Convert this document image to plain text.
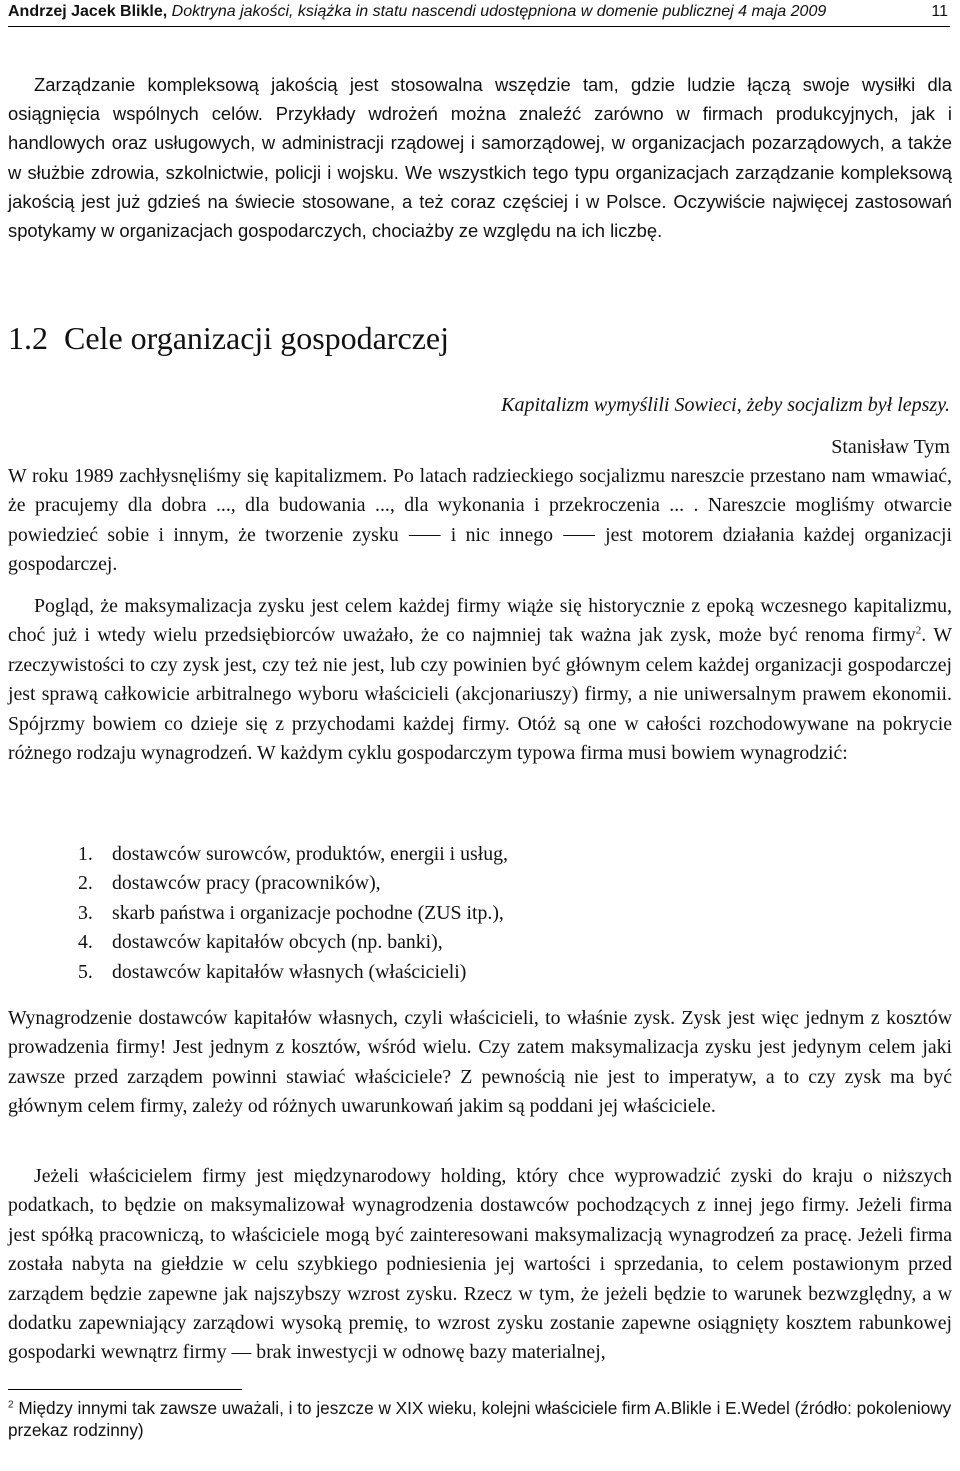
Andrzej Jacek Blikle, Doktryna jakości, książka in statu nascendi udostępniona w domenie publicznej 4 maja 2009	11

Zarządzanie kompleksową jakością jest stosowalna wszędzie tam, gdzie ludzie łączą swoje wysiłki dla osiągnięcia wspólnych celów. Przykłady wdrożeń można znaleźć zarówno w firmach produkcyjnych, jak i handlowych oraz usługowych, w administracji rządowej i samorządowej, w organizacjach pozarządowych, a także w służbie zdrowia, szkolnictwie, policji i wojsku. We wszystkich tego typu organizacjach zarządzanie kompleksową jakością jest już gdzieś na świecie stosowane, a też coraz częściej i w Polsce. Oczywiście najwięcej zastosowań spotykamy w organizacjach gospodarczych, chociażby ze względu na ich liczbę.

1.2 Cele organizacji gospodarczej
Kapitalizm wymyślili Sowieci, żeby socjalizm był lepszy.
Stanisław Tym

W roku 1989 zachłysnęliśmy się kapitalizmem. Po latach radzieckiego socjalizmu nareszcie przestano nam wmawiać, że pracujemy dla dobra ..., dla budowania ..., dla wykonania i przekroczenia ... . Nareszcie mogliśmy otwarcie powiedzieć sobie i innym, że tworzenie zysku ⸺ i nic innego ⸺ jest motorem działania każdej organizacji gospodarczej.

Pogląd, że maksymalizacja zysku jest celem każdej firmy wiąże się historycznie z epoką wczesnego kapitalizmu, choć już i wtedy wielu przedsiębiorców uważało, że co najmniej tak ważna jak zysk, może być renoma firmy$^2$. W rzeczywistości to czy zysk jest, czy też nie jest, lub czy powinien być głównym celem każdej organizacji gospodarczej jest sprawą całkowicie arbitralnego wyboru właścicieli (akcjonariuszy) firmy, a nie uniwersalnym prawem ekonomii. Spójrzmy bowiem co dzieje się z przychodami każdej firmy. Otóż są one w całości rozchodowywane na pokrycie różnego rodzaju wynagrodzeń. W każdym cyklu gospodarczym typowa firma musi bowiem wynagrodzić:

1. dostawców surowców, produktów, energii i usług,
2. dostawców pracy (pracowników),
3. skarb państwa i organizacje pochodne (ZUS itp.),
4. dostawców kapitałów obcych (np. banki),
5. dostawców kapitałów własnych (właścicieli)

Wynagrodzenie dostawców kapitałów własnych, czyli właścicieli, to właśnie zysk. Zysk jest więc jednym z kosztów prowadzenia firmy! Jest jednym z kosztów, wśród wielu. Czy zatem maksymalizacja zysku jest jedynym celem jaki zawsze przed zarządem powinni stawiać właściciele? Z pewnością nie jest to imperatyw, a to czy zysk ma być głównym celem firmy, zależy od różnych uwarunkowań jakim są poddani jej właściciele.

Jeżeli właścicielem firmy jest międzynarodowy holding, który chce wyprowadzić zyski do kraju o niższych podatkach, to będzie on maksymalizował wynagrodzenia dostawców pochodzących z innej jego firmy. Jeżeli firma jest spółką pracowniczą, to właściciele mogą być zainteresowani maksymalizacją wynagrodzeń za pracę. Jeżeli firma została nabyta na giełdzie w celu szybkiego podniesienia jej wartości i sprzedania, to celem postawionym przed zarządem będzie zapewne jak najszybszy wzrost zysku. Rzecz w tym, że jeżeli będzie to warunek bezwzględny, a w dodatku zapewniający zarządowi wysoką premię, to wzrost zysku zostanie zapewne osiągnięty kosztem rabunkowej gospodarki wewnątrz firmy — brak inwestycji w odnowę bazy materialnej,

$^2$ Między innymi tak zawsze uważali, i to jeszcze w XIX wieku, kolejni właściciele firm A.Blikle i E.Wedel (źródło: pokoleniowy przekaz rodzinny)
